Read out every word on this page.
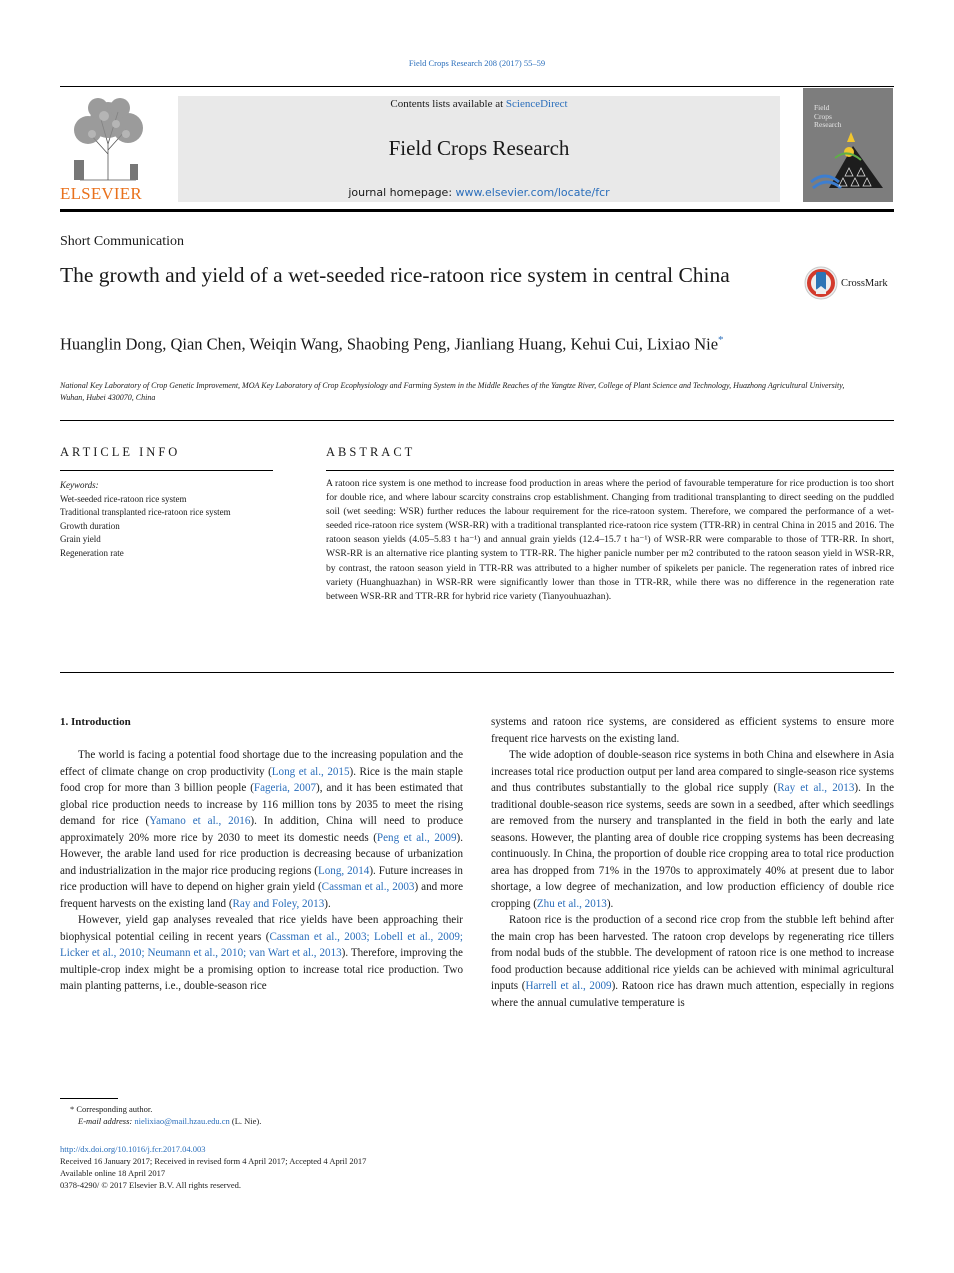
Field Crops Research 208 (2017) 55–59
ELSEVIER
Contents lists available at ScienceDirect
Field Crops Research
journal homepage: www.elsevier.com/locate/fcr
Field
Crops
Research
Short Communication
The growth and yield of a wet-seeded rice-ratoon rice system in central China	CrossMark
Huanglin Dong, Qian Chen, Weiqin Wang, Shaobing Peng, Jianliang Huang, Kehui Cui, Lixiao Nie*
National Key Laboratory of Crop Genetic Improvement, MOA Key Laboratory of Crop Ecophysiology and Farming System in the Middle Reaches of the Yangtze River, College of Plant Science and Technology, Huazhong Agricultural University, Wuhan, Hubei 430070, China
ARTICLE INFO	ABSTRACT
Keywords:
Wet-seeded rice-ratoon rice system
Traditional transplanted rice-ratoon rice system
Growth duration
Grain yield
Regeneration rate
A ratoon rice system is one method to increase food production in areas where the period of favourable temperature for rice production is too short for double rice, and where labour scarcity constrains crop establishment. Changing from traditional transplanting to direct seeding on the puddled soil (wet seeding: WSR) further reduces the labour requirement for the rice-ratoon system. Therefore, we compared the performance of a wet-seeded rice-ratoon rice system (WSR-RR) with a traditional transplanted rice-ratoon rice system (TTR-RR) in central China in 2015 and 2016. The ratoon season yields (4.05–5.83 t ha⁻¹) and annual grain yields (12.4–15.7 t ha⁻¹) of WSR-RR were comparable to those of TTR-RR. In short, WSR-RR is an alternative rice planting system to TTR-RR. The higher panicle number per m2 contributed to the ratoon season yield in WSR-RR, by contrast, the ratoon season yield in TTR-RR was attributed to a higher number of spikelets per panicle. The regeneration rates of inbred rice variety (Huanghuazhan) in WSR-RR were significantly lower than those in TTR-RR, while there was no difference in the regeneration rate between WSR-RR and TTR-RR for hybrid rice variety (Tianyouhuazhan).
1. Introduction

The world is facing a potential food shortage due to the increasing population and the effect of climate change on crop productivity (Long et al., 2015). Rice is the main staple food crop for more than 3 billion people (Fageria, 2007), and it has been estimated that global rice production needs to increase by 116 million tons by 2035 to meet the rising demand for rice (Yamano et al., 2016). In addition, China will need to produce approximately 20% more rice by 2030 to meet its domestic needs (Peng et al., 2009). However, the arable land used for rice production is decreasing because of urbanization and industrialization in the major rice producing regions (Long, 2014). Future increases in rice production will have to depend on higher grain yield (Cassman et al., 2003) and more frequent harvests on the existing land (Ray and Foley, 2013).

However, yield gap analyses revealed that rice yields have been approaching their biophysical potential ceiling in recent years (Cassman et al., 2003; Lobell et al., 2009; Licker et al., 2010; Neumann et al., 2010; van Wart et al., 2013). Therefore, improving the multiple-crop index might be a promising option to increase total rice production. Two main planting patterns, i.e., double-season rice

systems and ratoon rice systems, are considered as efficient systems to ensure more frequent rice harvests on the existing land.

The wide adoption of double-season rice systems in both China and elsewhere in Asia increases total rice production output per land area compared to single-season rice systems and thus contributes substantially to the global rice supply (Ray et al., 2013). In the traditional double-season rice systems, seeds are sown in a seedbed, after which seedlings are removed from the nursery and transplanted in the field in both the early and late seasons. However, the planting area of double rice cropping systems has been decreasing continuously. In China, the proportion of double rice cropping area to total rice production area has dropped from 71% in the 1970s to approximately 40% at present due to labor shortage, a low degree of mechanization, and low production efficiency of double rice cropping (Zhu et al., 2013).

Ratoon rice is the production of a second rice crop from the stubble left behind after the main crop has been harvested. The ratoon crop develops by regenerating rice tillers from nodal buds of the stubble. The development of ratoon rice is one method to increase food production because additional rice yields can be achieved with minimal agricultural inputs (Harrell et al., 2009). Ratoon rice has drawn much attention, especially in regions where the annual cumulative temperature is

* Corresponding author.
E-mail address: nielixiao@mail.hzau.edu.cn (L. Nie).
http://dx.doi.org/10.1016/j.fcr.2017.04.003
Received 16 January 2017; Received in revised form 4 April 2017; Accepted 4 April 2017
Available online 18 April 2017
0378-4290/ © 2017 Elsevier B.V. All rights reserved.
